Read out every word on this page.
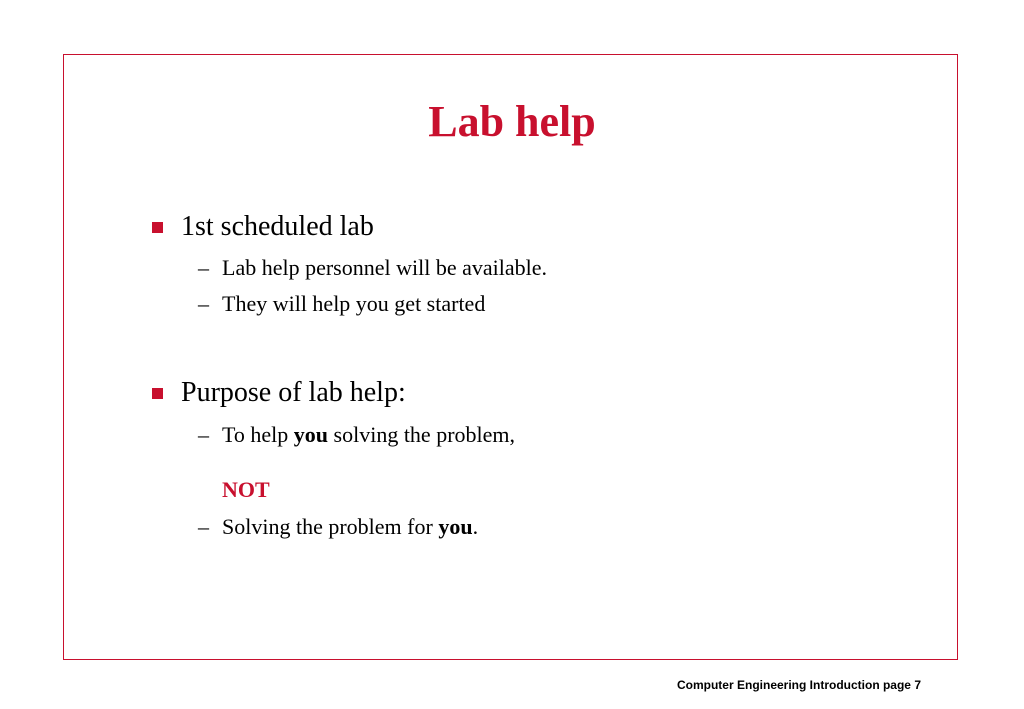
Lab help
1st scheduled lab
– Lab help personnel will be available.
– They will help you get started
Purpose of lab help:
– To help you solving the problem,
NOT
– Solving the problem for you.
Computer Engineering Introduction page 7
